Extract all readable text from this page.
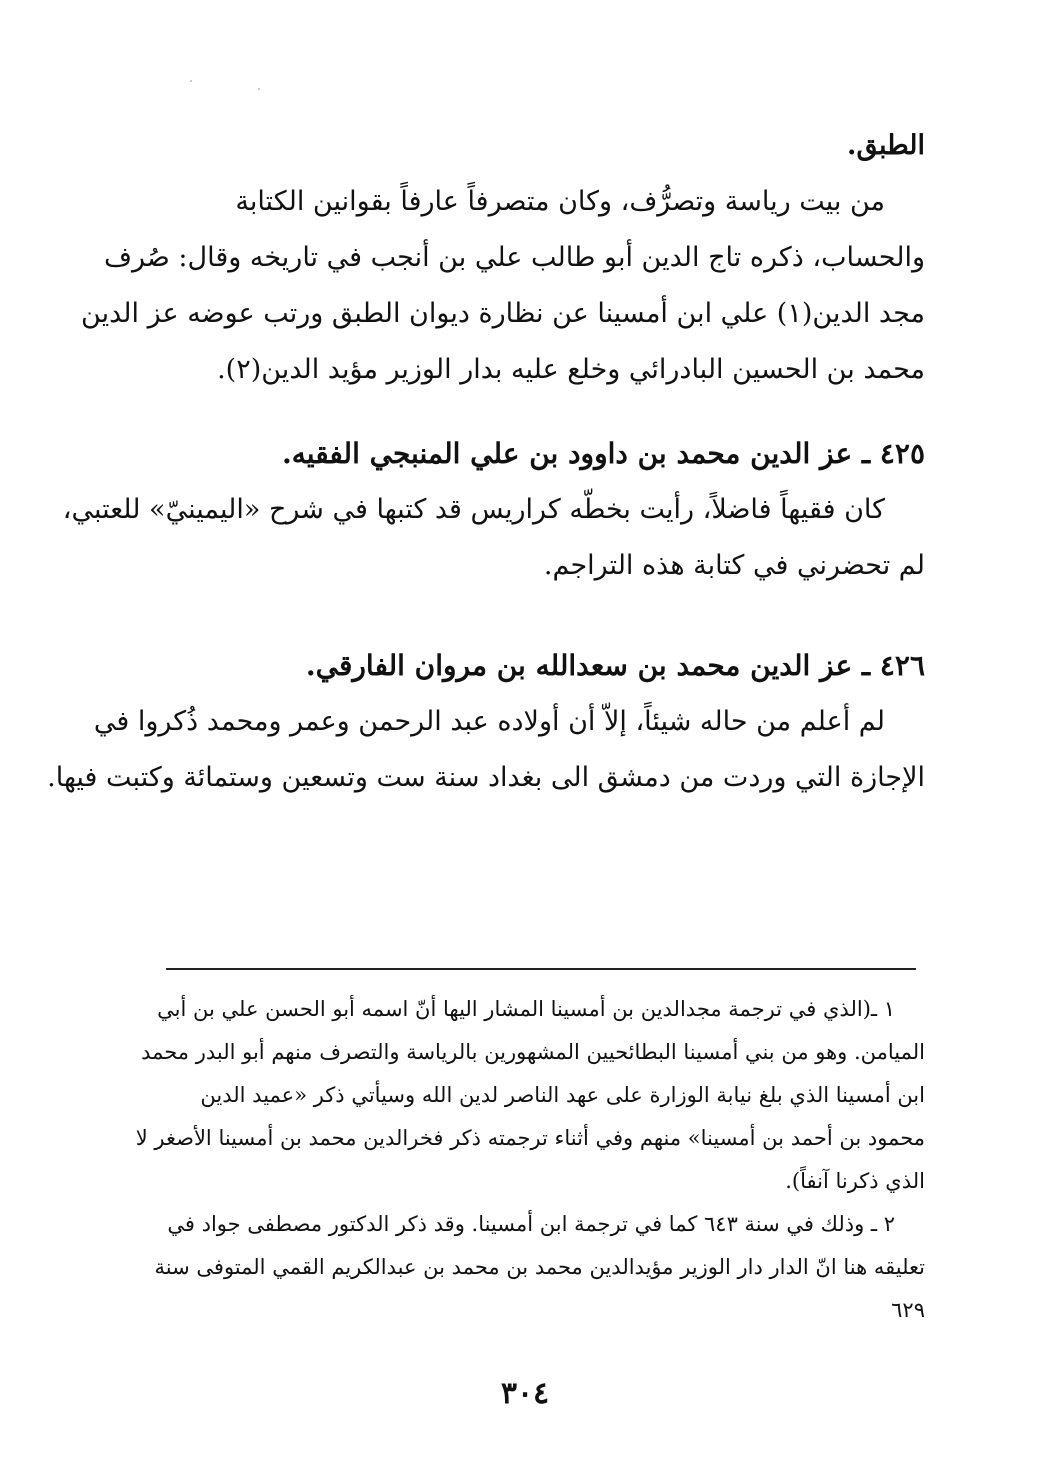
الطبق.
من بيت رياسة وتصرُّف، وكان متصرفاً عارفاً بقوانين الكتابة
والحساب، ذكره تاج الدين أبو طالب علي بن أنجب في تاريخه وقال: صُرف
مجد الدين(١) علي ابن أمسينا عن نظارة ديوان الطبق ورتب عوضه عز الدين
محمد بن الحسين البادرائي وخلع عليه بدار الوزير مؤيد الدين(٢).
٤٢٥ ـ عز الدين محمد بن داوود بن علي المنبجي الفقيه.
كان فقيهاً فاضلاً، رأيت بخطّه كراريس قد كتبها في شرح «اليمينيّ» للعتبي،
لم تحضرني في كتابة هذه التراجم.
٤٢٦ ـ عز الدين محمد بن سعدالله بن مروان الفارقي.
لم أعلم من حاله شيئاً، إلاّ أن أولاده عبد الرحمن وعمر ومحمد ذُكروا في
الإجازة التي وردت من دمشق الى بغداد سنة ست وتسعين وستمائة وكتبت فيها.
١ ـ(الذي في ترجمة مجدالدين بن أمسينا المشار اليها أنّ اسمه أبو الحسن علي بن أبي
الميامن. وهو من بني أمسينا البطائحيين المشهورين بالرياسة والتصرف منهم أبو البدر محمد
ابن أمسينا الذي بلغ نيابة الوزارة على عهد الناصر لدين الله وسيأتي ذكر «عميد الدين
محمود بن أحمد بن أمسينا» منهم وفي أثناء ترجمته ذكر فخرالدين محمد بن أمسينا الأصغر لا
الذي ذكرنا آنفاً).
٢ ـ وذلك في سنة ٦٤٣ كما في ترجمة ابن أمسينا. وقد ذكر الدكتور مصطفى جواد في
تعليقه هنا انّ الدار دار الوزير مؤيدالدين محمد بن محمد بن عبدالكريم القمي المتوفى سنة
٦٢٩
٣٠٤
